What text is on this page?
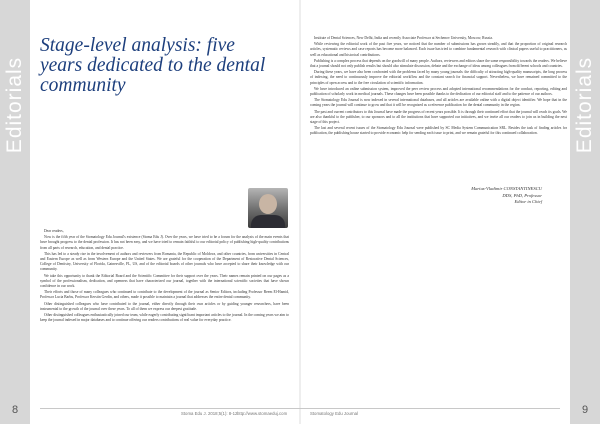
Editorials
8
Editorials
9
Stage-level analysis: five years dedicated to the dental community
Marius-Vladimir CONSTANTINESCU
DDS, PhD, Professor
Editor in Chief

Dear readers,

Now is the fifth year of the Stomatology Edu Journal's existence (Stoma Edu J). Over the years, we have tried to be a forum for the analysis of the main events that have brought progress to the dental profession. It has not been easy, and we have tried to remain faithful to our editorial policy of publishing high-quality contributions from all parts of research, education, and dental practice.

This has led to a steady rise in the involvement of authors and reviewers from Romania, the Republic of Moldova, and other countries, from universities in Central and Eastern Europe as well as from Western Europe and the United States. We are grateful for the cooperation of the Department of Restorative Dental Sciences, College of Dentistry, University of Florida, Gainesville, FL, US, and of the editorial boards of other journals who have accepted to share their knowledge with our community.

We take this opportunity to thank the Editorial Board and the Scientific Committee for their support over the years. Their names remain printed on our pages as a symbol of the professionalism, dedication, and openness that have characterized our journal, together with the international scientific societies that have shown confidence in our work.

Their efforts and those of many colleagues who continued to contribute to the development of the journal as Senior Editors, including Professor Reem El-Hamid, Professor Lucia Barbu, Professor Kerstin Gerdin, and others, made it possible to maintain a journal that addresses the entire dental community.

Other distinguished colleagues who have contributed to the journal, either directly through their own articles or by guiding younger researchers, have been instrumental to the growth of the journal over these years. To all of them we express our deepest gratitude.

Other distinguished colleagues enthusiastically joined our team, while eagerly contributing significant important articles to the journal. In the coming years we aim to keep the journal indexed in major databases and to continue offering our readers contributions of real value for everyday practice.

Institute of Dental Sciences, New Delhi, India and recently Associate Professor at Sechenov University, Moscow, Russia.

While reviewing the editorial work of the past five years, we noticed that the number of submissions has grown steadily, and that the proportion of original research articles, systematic reviews and case reports has become more balanced. Each issue has tried to combine fundamental research with clinical papers useful to practitioners, as well as educational and historical contributions.

Publishing is a complex process that depends on the goodwill of many people. Authors, reviewers and editors share the same responsibility towards the readers. We believe that a journal should not only publish results but should also stimulate discussion, debate and the exchange of ideas among colleagues from different schools and countries.

During these years, we have also been confronted with the problems faced by many young journals: the difficulty of attracting high-quality manuscripts, the long process of indexing, the need to continuously improve the editorial workflow and the constant search for financial support. Nevertheless, we have remained committed to the principles of open access and to the free circulation of scientific information.

We have introduced an online submission system, improved the peer review process and adopted international recommendations for the conduct, reporting, editing and publication of scholarly work in medical journals. These changes have been possible thanks to the dedication of our editorial staff and to the patience of our authors.

The Stomatology Edu Journal is now indexed in several international databases, and all articles are available online with a digital object identifier. We hope that in the coming years the journal will continue to grow and that it will be recognized as a reference publication for the dental community in the region.

The past and current contributors to this Journal have made the progress of recent years possible. It is through their continued effort that the journal will reach its goals. We are also thankful to the publisher, to our sponsors and to all the institutions that have supported our initiatives, and we invite all our readers to join us in building the next stage of this project.

The last and several recent issues of the Stomatology Edu Journal were published by SC Media System Communication SRL. Besides the task of finding articles for publication, the publishing house started to provide economic help for sending each issue to print, and we remain grateful for this continued collaboration.

Stoma Edu J. 2018;5(1): 8-12.
http://www.stomaeduj.com	Stomatology Edu Journal
